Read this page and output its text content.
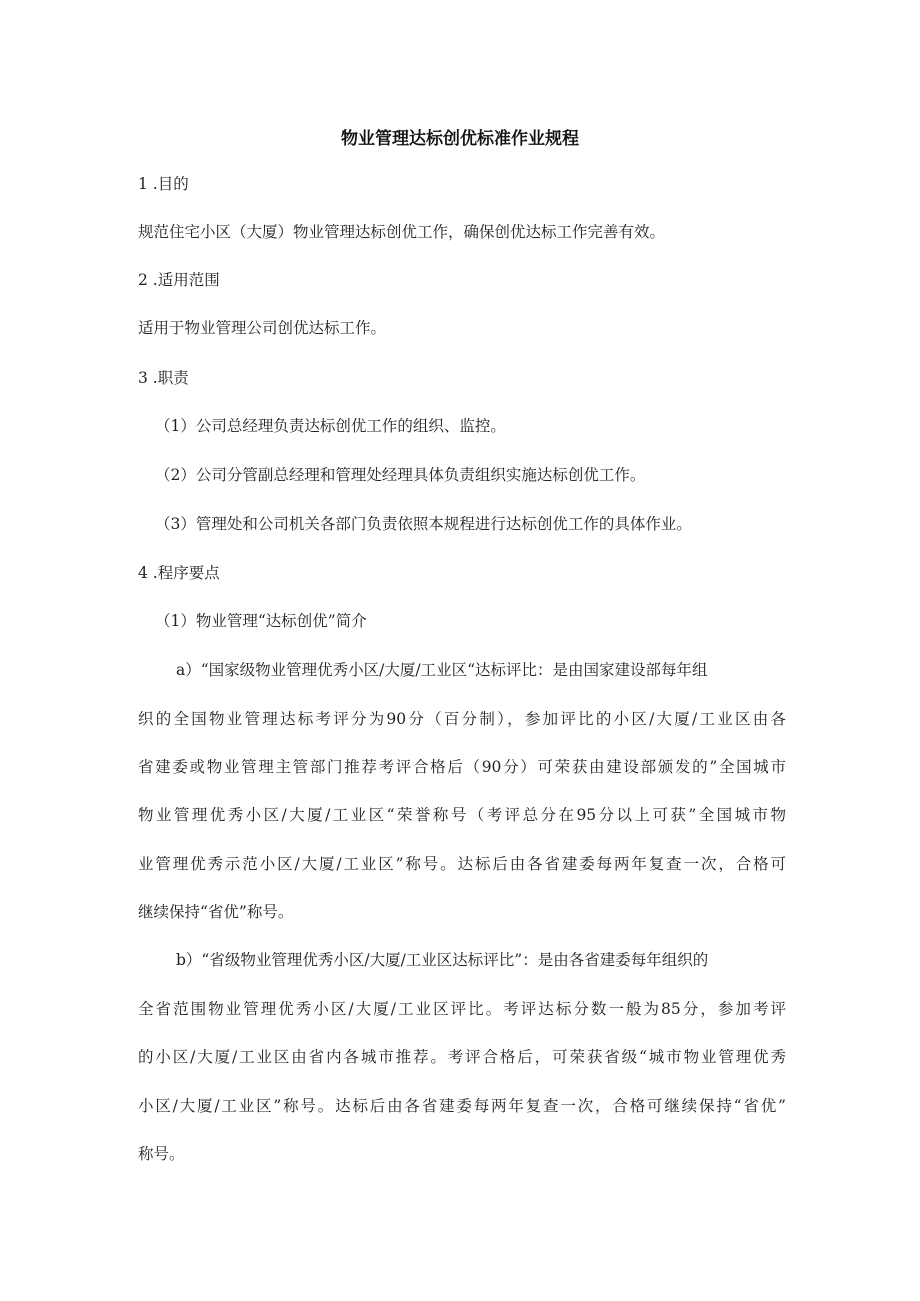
物业管理达标创优标准作业规程
1 .目的
规范住宅小区（大厦）物业管理达标创优工作，确保创优达标工作完善有效。
2 .适用范围
适用于物业管理公司创优达标工作。
3 .职责
（1）公司总经理负责达标创优工作的组织、监控。
（2）公司分管副总经理和管理处经理具体负责组织实施达标创优工作。
（3）管理处和公司机关各部门负责依照本规程进行达标创优工作的具体作业。
4 .程序要点
（1）物业管理“达标创优”简介
a）“国家级物业管理优秀小区/大厦/工业区“达标评比：是由国家建设部每年组
织的全国物业管理达标考评分为90分（百分制），参加评比的小区/大厦/工业区由各
省建委或物业管理主管部门推荐考评合格后（90分）可荣获由建设部颁发的”全国城市
物业管理优秀小区/大厦/工业区“荣誉称号（考评总分在95分以上可获”全国城市物
业管理优秀示范小区/大厦/工业区”称号。达标后由各省建委每两年复查一次，合格可
继续保持“省优”称号。
b）“省级物业管理优秀小区/大厦/工业区达标评比”：是由各省建委每年组织的
全省范围物业管理优秀小区/大厦/工业区评比。考评达标分数一般为85分，参加考评
的小区/大厦/工业区由省内各城市推荐。考评合格后，可荣获省级“城市物业管理优秀
小区/大厦/工业区”称号。达标后由各省建委每两年复查一次，合格可继续保持“省优”
称号。
